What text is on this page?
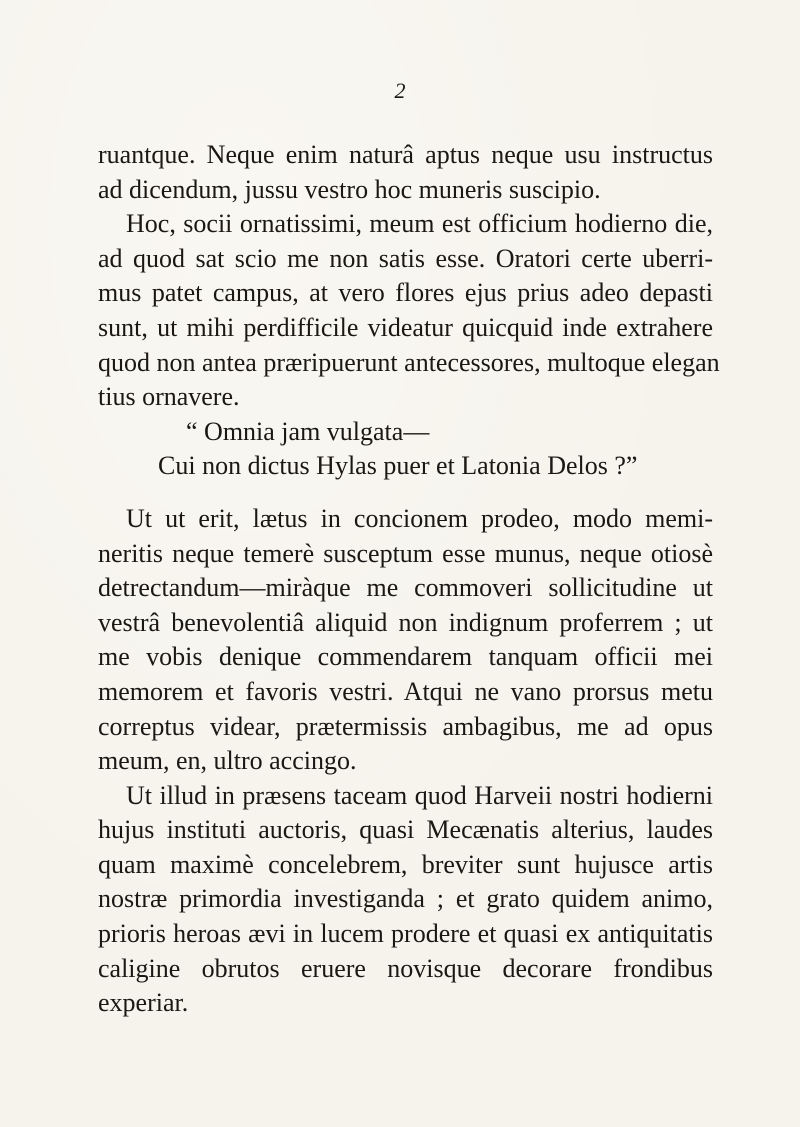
2
ruantque. Neque enim naturâ aptus neque usu instructus
ad dicendum, jussu vestro hoc muneris suscipio.
Hoc, socii ornatissimi, meum est officium hodierno die,
ad quod sat scio me non satis esse. Oratori certe uberri-
mus patet campus, at vero flores ejus prius adeo depasti
sunt, ut mihi perdifficile videatur quicquid inde extrahere
quod non antea præripuerunt antecessores, multoque elegan
tius ornavere.
“ Omnia jam vulgata—
Cui non dictus Hylas puer et Latonia Delos ?”
Ut ut erit, lætus in concionem prodeo, modo memi-
neritis neque temerè susceptum esse munus, neque otiosè
detrectandum—miràque me commoveri sollicitudine ut
vestrâ benevolentiâ aliquid non indignum proferrem ; ut
me vobis denique commendarem tanquam officii mei
memorem et favoris vestri. Atqui ne vano prorsus metu
correptus videar, prætermissis ambagibus, me ad opus
meum, en, ultro accingo.
Ut illud in præsens taceam quod Harveii nostri hodierni
hujus instituti auctoris, quasi Mecænatis alterius, laudes
quam maximè concelebrem, breviter sunt hujusce artis
nostræ primordia investiganda ; et grato quidem animo,
prioris heroas ævi in lucem prodere et quasi ex antiquitatis
caligine obrutos eruere novisque decorare frondibus
experiar.
